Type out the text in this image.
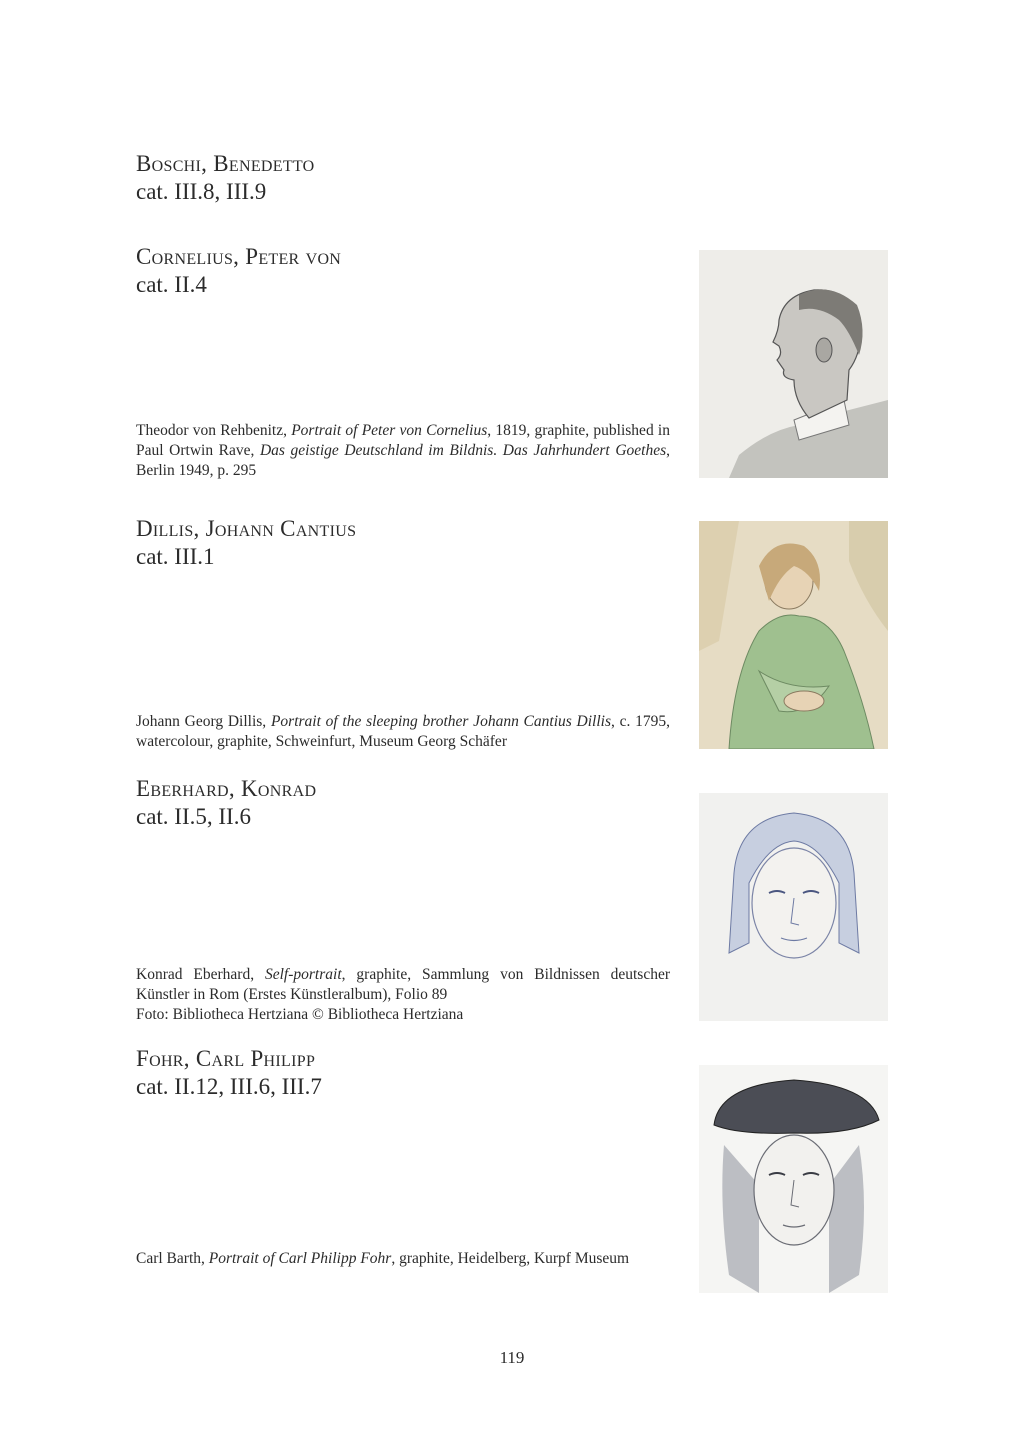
Boschi, Benedetto
cat. III.8, III.9
Cornelius, Peter von
cat. II.4
Theodor von Rehbenitz, Portrait of Peter von Cornelius, 1819, graphite, published in Paul Ortwin Rave, Das geistige Deutschland im Bildnis. Das Jahrhundert Goethes, Berlin 1949, p. 295
Dillis, Johann Cantius
cat. III.1
Johann Georg Dillis, Portrait of the sleeping brother Johann Cantius Dillis, c. 1795, watercolour, graphite, Schweinfurt, Museum Georg Schäfer
Eberhard, Konrad
cat. II.5, II.6
Konrad Eberhard, Self-portrait, graphite, Sammlung von Bildnissen deutscher Künstler in Rom (Erstes Künstleralbum), Folio 89
Foto: Bibliotheca Hertziana © Bibliotheca Hertziana
Fohr, Carl Philipp
cat. II.12, III.6, III.7
Carl Barth, Portrait of Carl Philipp Fohr, graphite, Heidelberg, Kurpf Museum
119
